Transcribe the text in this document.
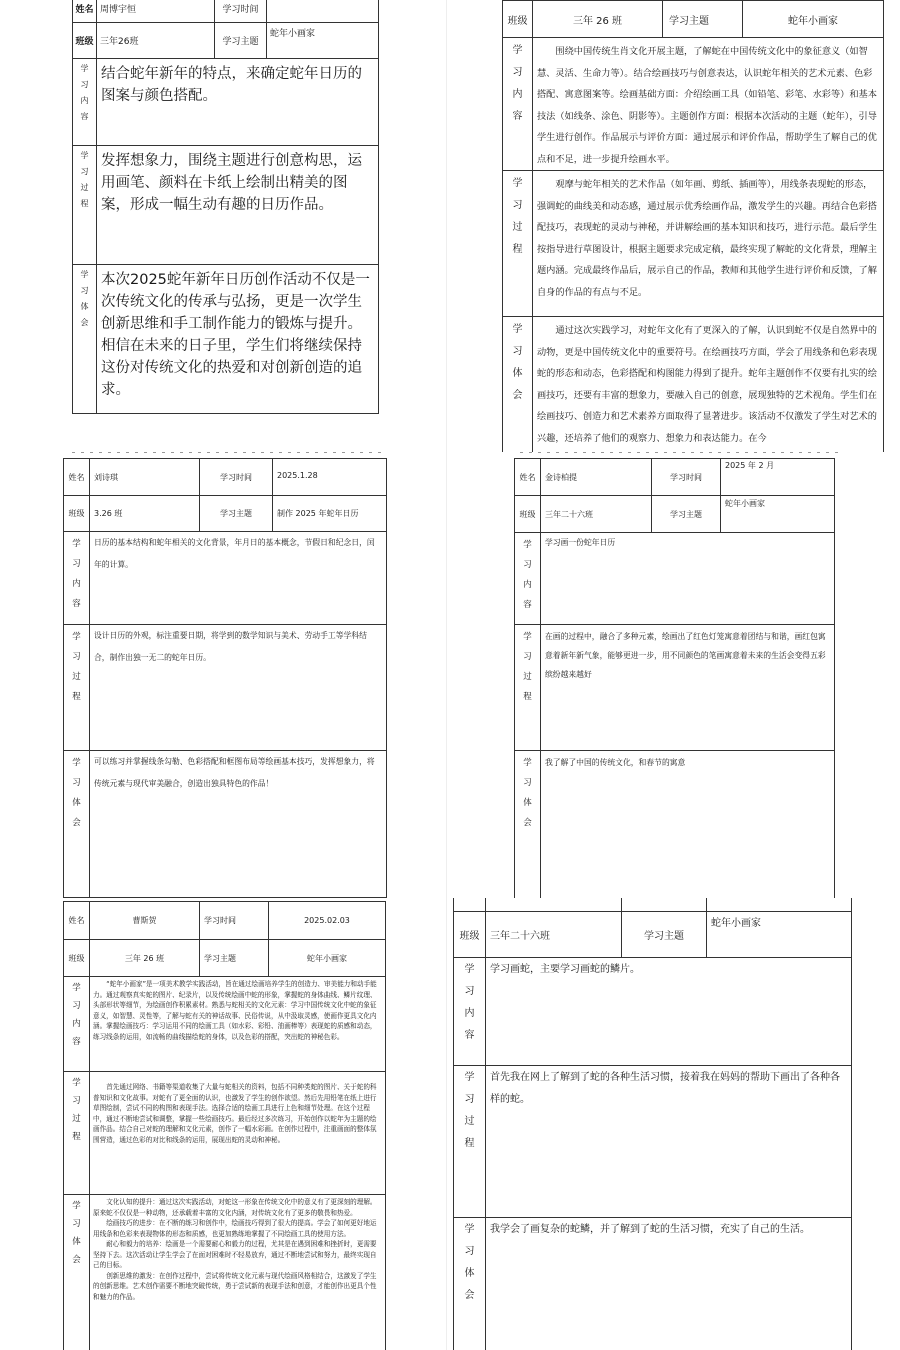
姓名	周博宇恒	学习时间	
班级	三年26班	学习主题	蛇年小画家

学
习
内
容	结合蛇年新年的特点，来确定蛇年日历的图案与颜色搭配。		

学
习
过
程	发挥想象力，围绕主题进行创意构思，运用画笔、颜料在卡纸上绘制出精美的图案，形成一幅生动有趣的日历作品。		

学
习
体
会	本次2025蛇年新年日历创作活动不仅是一次传统文化的传承与弘扬，更是一次学生创新思维和手工制作能力的锻炼与提升。相信在未来的日子里，学生们将继续保持这份对传统文化的热爱和对创新创造的追求。		

班级	三年 26 班	学习主题	蛇年小画家

学
习
内
容	围绕中国传统生肖文化开展主题，了解蛇在中国传统文化中的象征意义（如智慧、灵活、生命力等）。结合绘画技巧与创意表达，认识蛇年相关的艺术元素、色彩搭配、寓意图案等。绘画基础方面：介绍绘画工具（如铅笔、彩笔、水彩等）和基本技法（如线条、涂色、阴影等）。主题创作方面：根据本次活动的主题（蛇年），引导学生进行创作。作品展示与评价方面：通过展示和评价作品，帮助学生了解自己的优点和不足，进一步提升绘画水平。		

学
习
过
程	观摩与蛇年相关的艺术作品（如年画、剪纸、插画等），用线条表现蛇的形态，强调蛇的曲线美和动态感，通过展示优秀绘画作品，激发学生的兴趣。再结合色彩搭配技巧，表现蛇的灵动与神秘，并讲解绘画的基本知识和技巧，进行示范。最后学生按指导进行草图设计，根据主题要求完成定稿，最终实现了解蛇的文化背景，理解主题内涵。完成最终作品后，展示自己的作品，教师和其他学生进行评价和反馈，了解自身的作品的有点与不足。		

学
习
体
会
	通过这次实践学习，对蛇年文化有了更深入的了解，认识到蛇不仅是自然界中的动物，更是中国传统文化中的重要符号。在绘画技巧方面，学会了用线条和色彩表现蛇的形态和动态，色彩搭配和构图能力得到了提升。蛇年主题创作不仅要有扎实的绘画技巧，还要有丰富的想象力，要融入自己的创意，展现独特的艺术视角。学生们在绘画技巧、创造力和艺术素养方面取得了显著进步。该活动不仅激发了学生对艺术的兴趣，还培养了他们的观察力、想象力和表达能力。在今
姓名	刘诗琪	学习时间	2025.1.28
班级	3.26 班	学习主题	制作 2025 年蛇年日历

学
习
内
容	日历的基本结构和蛇年相关的文化背景，年月日的基本概念，节假日和纪念日，闰年的计算。		

学
习
过
程	设计日历的外观，标注重要日期，将学到的数学知识与美术、劳动手工等学科结合，制作出独一无二的蛇年日历。		

学
习
体
会	可以练习并掌握线条勾勒、色彩搭配和框图布局等绘画基本技巧，发挥想象力，将传统元素与现代审美融合，创造出独具特色的作品！		
姓名	金诗柏提	学习时间	2025 年 2 月
班级	三年二十六班	学习主题	蛇年小画家

学
习
内
容	学习画一份蛇年日历		

学
习
过
程	在画的过程中，融合了多种元素，绘画出了红色灯笼寓意着团结与和谐，画红包寓意着新年新气象，能够更进一步，用不同颜色的笔画寓意着未来的生活会变得五彩缤纷越来越好		

学
习
体
会	我了解了中国的传统文化，和春节的寓意		
姓名	曹斯贺	学习时间	2025.02.03
班级	三年 26 班	学习主题	蛇年小画家

学
习
内
容
	“蛇年小画家”是一项美术教学实践活动，旨在通过绘画培养学生的创造力、审美能力和动手能力。通过观察真实蛇的图片、纪录片，以及传统绘画中蛇的形象，掌握蛇的身体曲线、鳞片纹理、头部形状等细节，为绘画创作积累素材。熟悉与蛇相关的文化元素：学习中国传统文化中蛇的象征意义，如智慧、灵性等，了解与蛇有关的神话故事、民俗传说，从中汲取灵感，使画作更具文化内涵。掌握绘画技巧：学习运用不同的绘画工具（如水彩、彩铅、油画棒等）表现蛇的质感和动态，练习线条的运用，如流畅的曲线描绘蛇的身体，以及色彩的搭配，突出蛇的神秘色彩。

学
习
过
程
	首先通过网络、书籍等渠道收集了大量与蛇相关的资料，包括不同种类蛇的图片、关于蛇的科普知识和文化故事。对蛇有了更全面的认识，也激发了学生的创作欲望。然后先用铅笔在纸上进行草图绘制，尝试不同的构图和表现手法。选择合适的绘画工具进行上色和细节处理。在这个过程中，通过不断地尝试和调整，掌握一些绘画技巧。最后经过多次练习，开始创作以蛇年为主题的绘画作品。结合自己对蛇的理解和文化元素，创作了一幅水彩画。在创作过程中，注重画面的整体氛围营造，通过色彩的对比和线条的运用，展现出蛇的灵动和神秘。

学
习
体
会

文化认知的提升：通过这次实践活动，对蛇这一形象在传统文化中的意义有了更深刻的理解。原来蛇不仅仅是一种动物，还承载着丰富的文化内涵，对传统文化有了更多的敬畏和热爱。
绘画技巧的进步：在不断的练习和创作中，绘画技巧得到了很大的提高。学会了如何更好地运用线条和色彩来表现物体的形态和质感，也更加熟练地掌握了不同绘画工具的使用方法。
耐心和毅力的培养：绘画是一个需要耐心和毅力的过程，尤其是在遇到困难和挫折时，更需要坚持下去。这次活动让学生学会了在面对困难时不轻易放弃，通过不断地尝试和努力，最终实现自己的目标。
创新思维的激发：在创作过程中，尝试将传统文化元素与现代绘画风格相结合，这激发了学生的创新思维。艺术创作需要不断地突破传统，勇于尝试新的表现手法和创意，才能创作出更具个性和魅力的作品。

班级	三年二十六班	学习主题	蛇年小画家

学
习
内
容	学习画蛇，主要学习画蛇的鳞片。		

学
习
过
程	首先我在网上了解到了蛇的各种生活习惯，接着我在妈妈的帮助下画出了各种各样的蛇。		

学
习
体
会	我学会了画复杂的蛇鳞，并了解到了蛇的生活习惯，充实了自己的生活。		
